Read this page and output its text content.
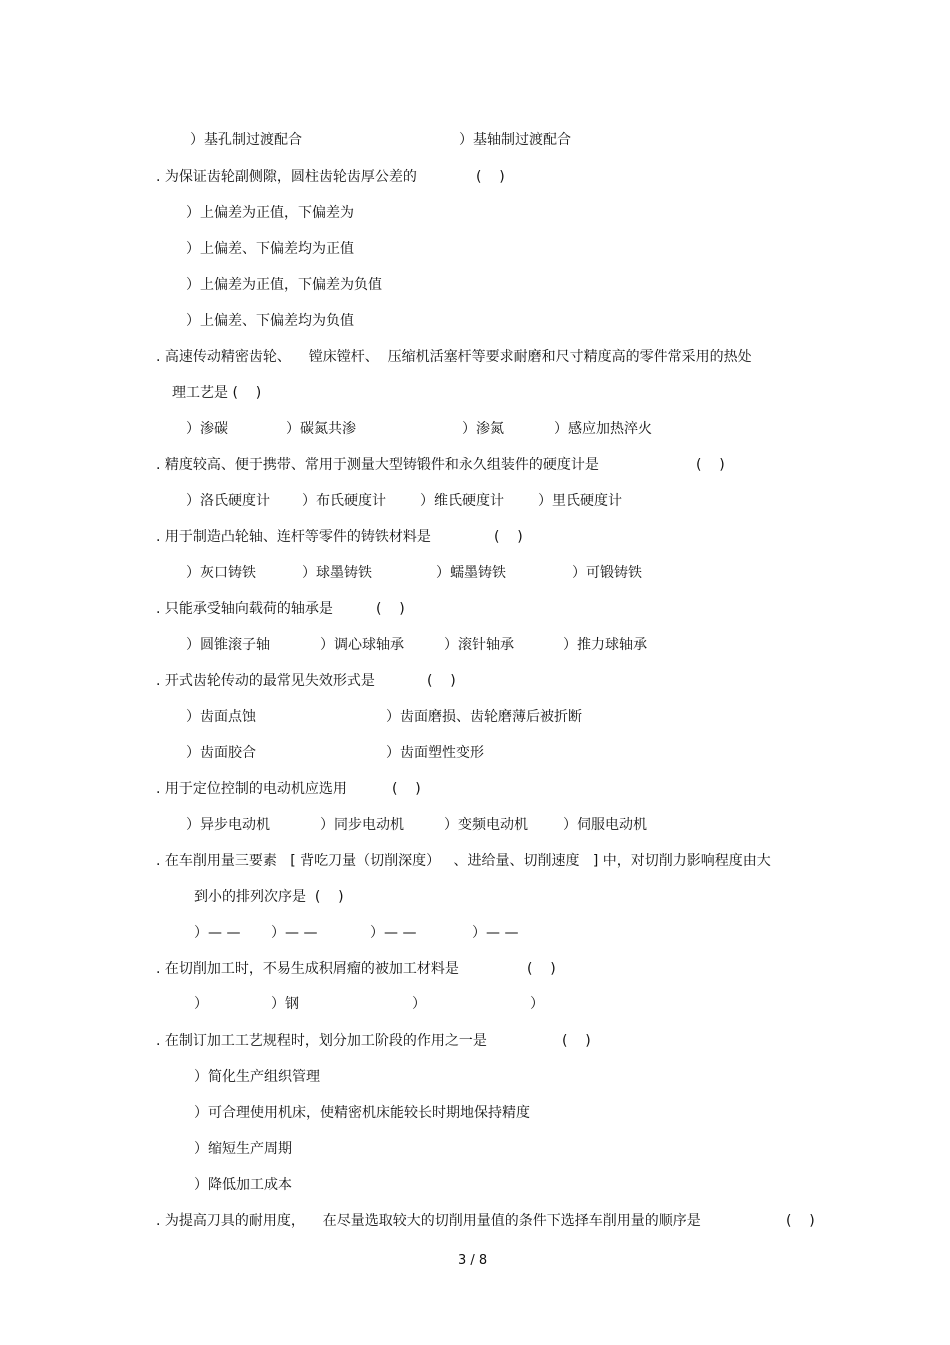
）基孔制过渡配合	）基轴制过渡配合
. 为保证齿轮副侧隙，圆柱齿轮齿厚公差的	(    )
）上偏差为正值，下偏差为
）上偏差、下偏差均为正值
）上偏差为正值，下偏差为负值
）上偏差、下偏差均为负值
. 高速传动精密齿轮、    镗床镗杆、  压缩机活塞杆等要求耐磨和尺寸精度高的零件常采用的热处
理工艺是 (    )
）渗碳	）碳氮共渗	）渗氮	）感应加热淬火
. 精度较高、便于携带、常用于测量大型铸锻件和永久组装件的硬度计是	(    )
）洛氏硬度计 ）布氏硬度计 ）维氏硬度计 ）里氏硬度计
. 用于制造凸轮轴、连杆等零件的铸铁材料是	(    )
）灰口铸铁	）球墨铸铁	）蠕墨铸铁	）可锻铸铁
. 只能承受轴向载荷的轴承是	(    )
）圆锥滚子轴	）调心球轴承	）滚针轴承	）推力球轴承
. 开式齿轮传动的最常见失效形式是	(    )
）齿面点蚀	）齿面磨损、齿轮磨薄后被折断
）齿面胶合	）齿面塑性变形
. 用于定位控制的电动机应选用	(    )
）异步电动机	）同步电动机	）变频电动机	）伺服电动机
. 在车削用量三要素   [ 背吃刀量（切削深度）   、进给量、切削速度   ] 中，对切削力影响程度由大
到小的排列次序是  (    )
）— — ）— —	）— —	）— —
. 在切削加工时，不易生成积屑瘤的被加工材料是	(    )
）	）钢	）	）
. 在制订加工工艺规程时，划分加工阶段的作用之一是	(    )
）简化生产组织管理
）可合理使用机床，使精密机床能较长时期地保持精度
）缩短生产周期
）降低加工成本
. 为提高刀具的耐用度，    在尽量选取较大的切削用量值的条件下选择车削用量的顺序是	(    )
3 / 8
